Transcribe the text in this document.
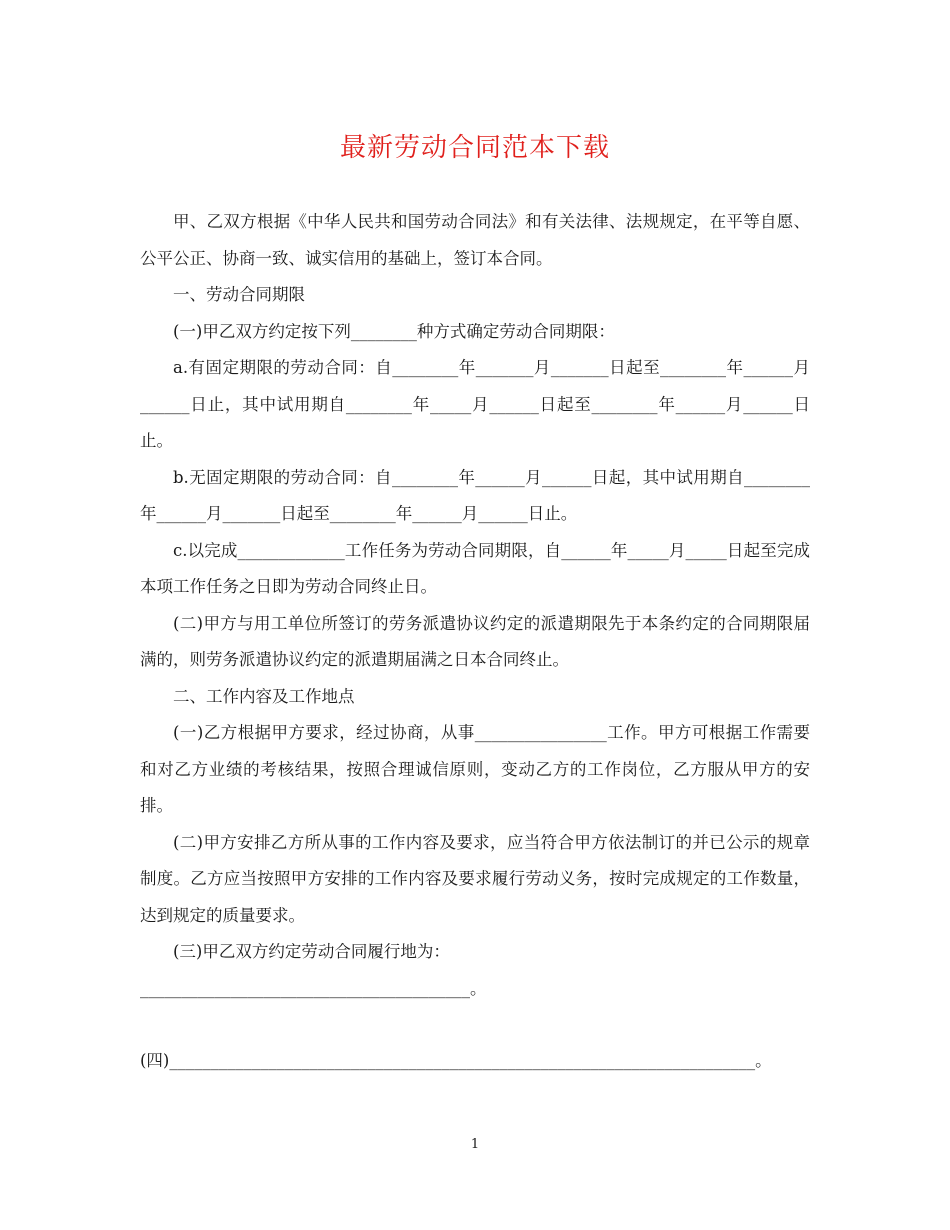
最新劳动合同范本下载

甲、乙双方根据《中华人民共和国劳动合同法》和有关法律、法规规定，在平等自愿、公平公正、协商一致、诚实信用的基础上，签订本合同。

一、劳动合同期限

(一)甲乙双方约定按下列________种方式确定劳动合同期限：

a.有固定期限的劳动合同：自________年_______月_______日起至________年______月______日止，其中试用期自________年_____月______日起至________年______月______日止。

b.无固定期限的劳动合同：自________年______月______日起，其中试用期自________年______月_______日起至________年______月______日止。

c.以完成_____________工作任务为劳动合同期限，自______年_____月_____日起至完成本项工作任务之日即为劳动合同终止日。

(二)甲方与用工单位所签订的劳务派遣协议约定的派遣期限先于本条约定的合同期限届满的，则劳务派遣协议约定的派遣期届满之日本合同终止。

二、工作内容及工作地点

(一)乙方根据甲方要求，经过协商，从事________________工作。甲方可根据工作需要和对乙方业绩的考核结果，按照合理诚信原则，变动乙方的工作岗位，乙方服从甲方的安排。

(二)甲方安排乙方所从事的工作内容及要求，应当符合甲方依法制订的并已公示的规章制度。乙方应当按照甲方安排的工作内容及要求履行劳动义务，按时完成规定的工作数量，达到规定的质量要求。

(三)甲乙双方约定劳动合同履行地为：

________________________________________。

(四)_______________________________________________________________________。

1
